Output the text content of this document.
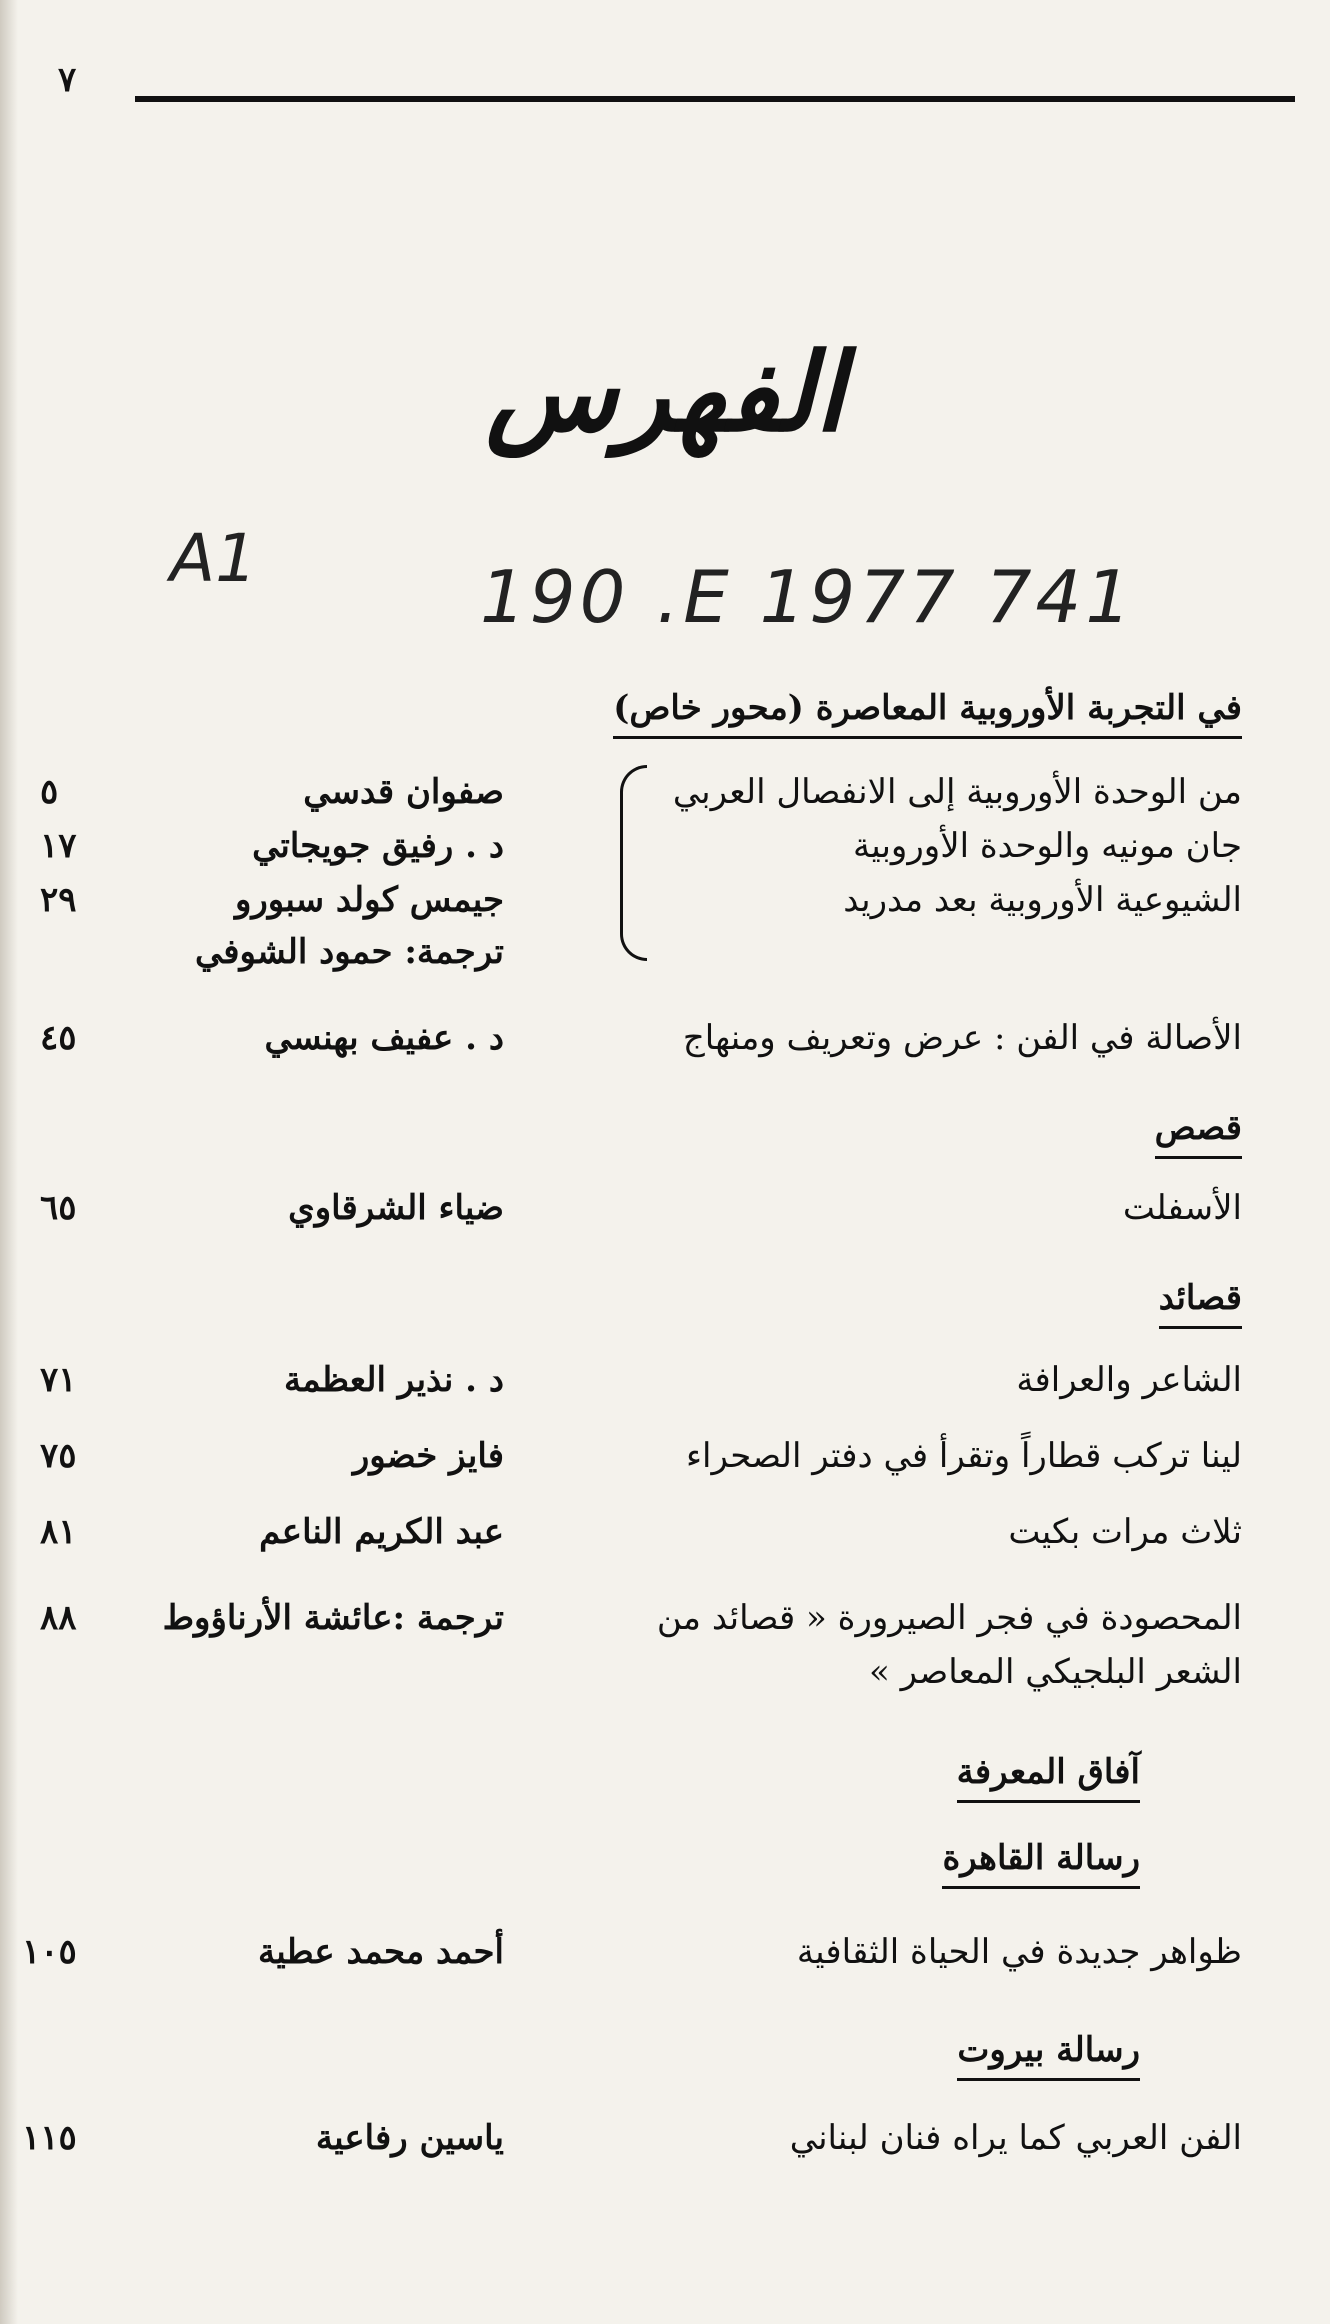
٧
الفهرس
A1	190 .E 1977 741
في التجربة الأوروبية المعاصرة (محور خاص)
من الوحدة الأوروبية إلى الانفصال العربي
صفوان قدسي
٥
جان مونيه والوحدة الأوروبية
د . رفيق جويجاتي
١٧
الشيوعية الأوروبية بعد مدريد
جيمس كولد سبورو
٢٩
ترجمة: حمود الشوفي
الأصالة في الفن : عرض وتعريف ومنهاج
د . عفيف بهنسي
٤٥
قصص
الأسفلت
ضياء الشرقاوي
٦٥
قصائد
الشاعر والعرافة
د . نذير العظمة
٧١
لينا تركب قطاراً وتقرأ في دفتر الصحراء
فايز خضور
٧٥
ثلاث مرات بكيت
عبد الكريم الناعم
٨١
المحصودة في فجر الصيرورة « قصائد من
ترجمة :عائشة الأرناؤوط
٨٨
الشعر البلجيكي المعاصر »
آفاق المعرفة
رسالة القاهرة
ظواهر جديدة في الحياة الثقافية
أحمد محمد عطية
١٠٥
رسالة بيروت
الفن العربي كما يراه فنان لبناني
ياسين رفاعية
١١٥
